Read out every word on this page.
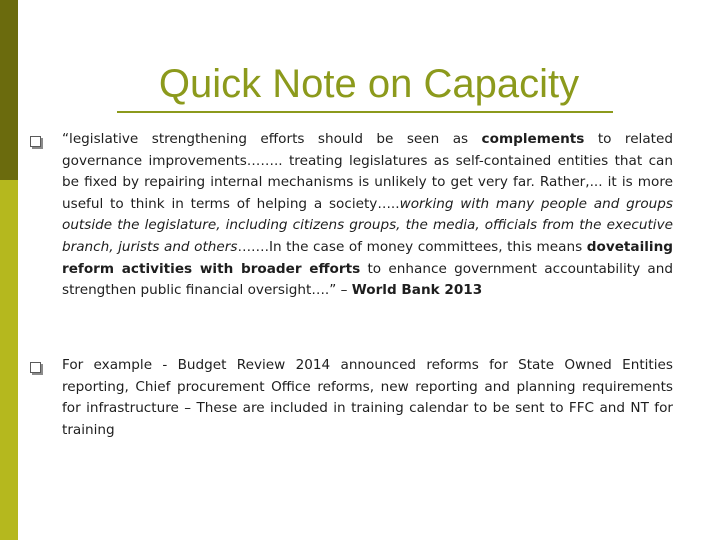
Quick Note on Capacity
“legislative strengthening efforts should be seen as complements to related governance improvements…….. treating legislatures as self-contained entities that can be fixed by repairing internal mechanisms is unlikely to get very far. Rather,... it is more useful to think in terms of helping a society…..working with many people and groups outside the legislature, including citizens groups, the media, officials from the executive branch, jurists and others…….In the case of money committees, this means dovetailing reform activities with broader efforts to enhance government accountability and strengthen public financial oversight….” – World Bank 2013
For example - Budget Review 2014 announced reforms for State Owned Entities reporting, Chief procurement Office reforms, new reporting and planning requirements for infrastructure – These are included in training calendar to be sent to FFC and NT for training
